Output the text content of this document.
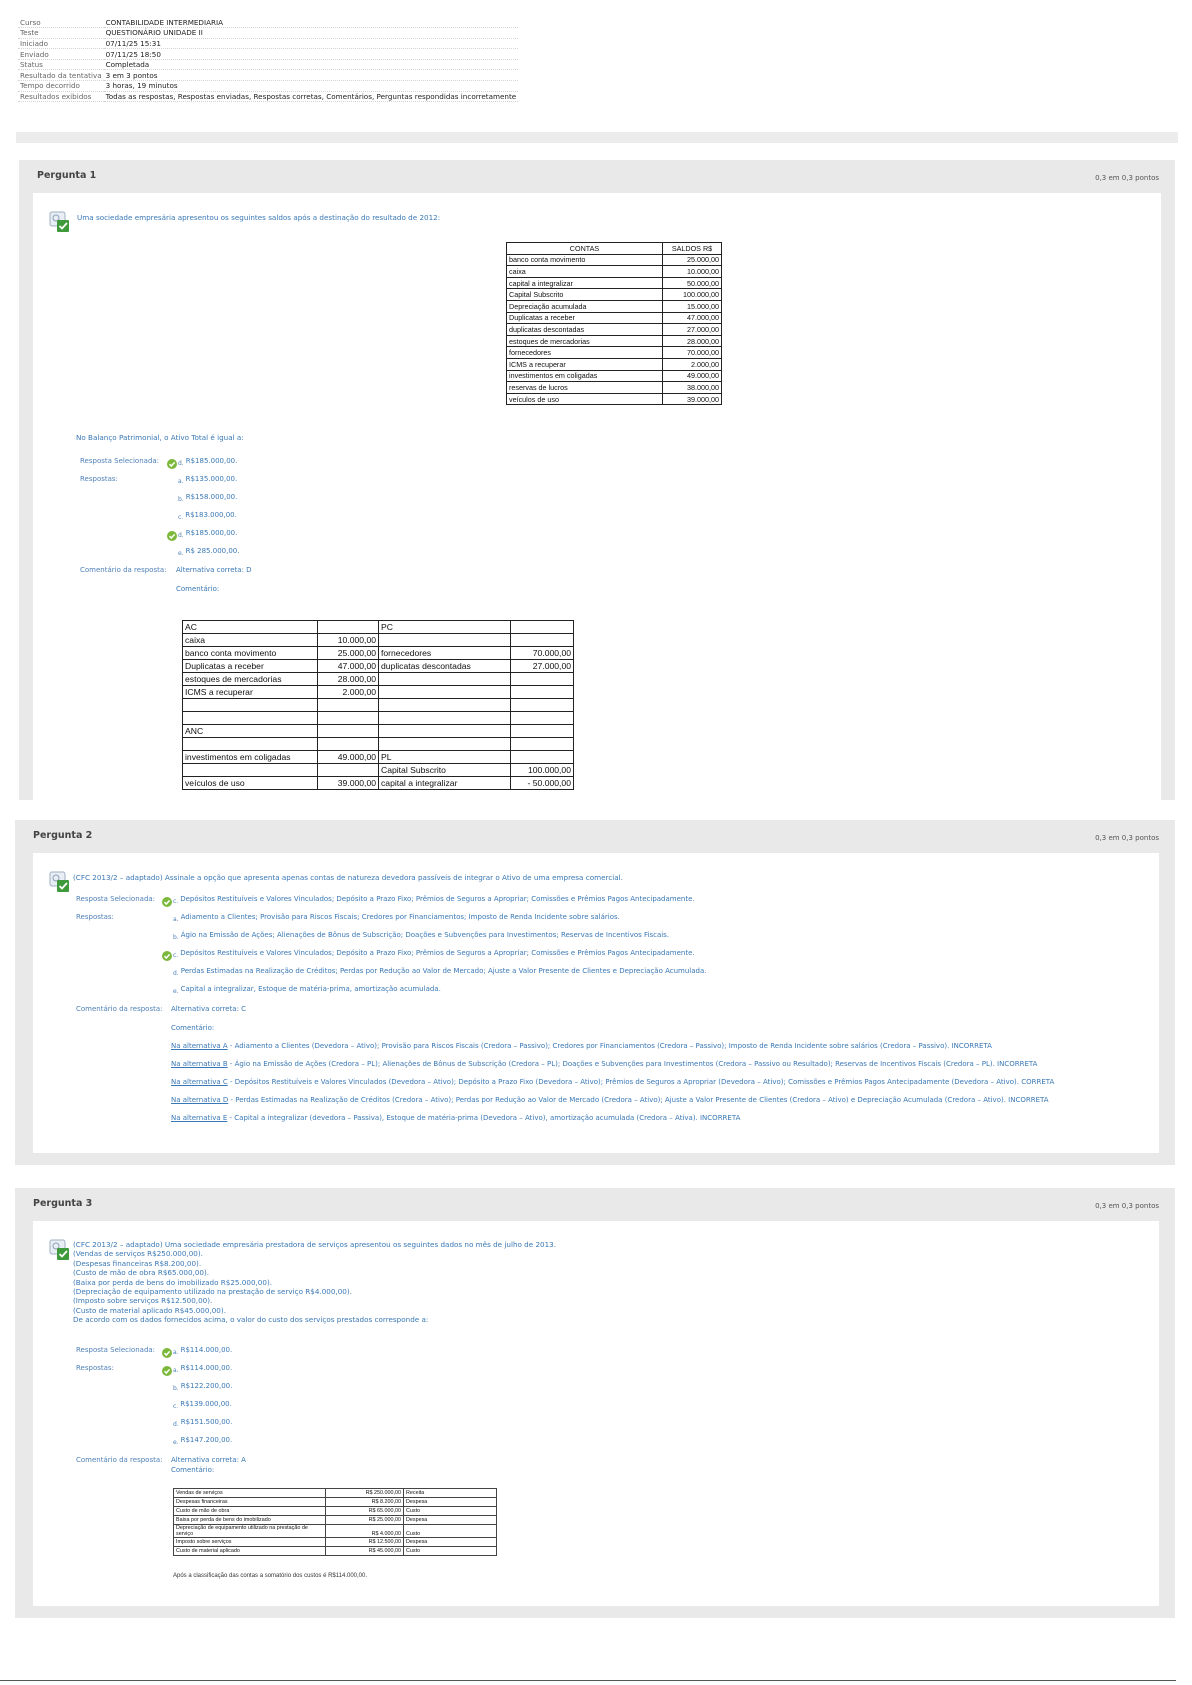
Curso	CONTABILIDADE INTERMEDIARIA
Teste	QUESTIONÁRIO UNIDADE II
Iniciado	07/11/25 15:31
Enviado	07/11/25 18:50
Status	Completada
Resultado da tentativa	3 em 3 pontos
Tempo decorrido	3 horas, 19 minutos
Resultados exibidos	Todas as respostas, Respostas enviadas, Respostas corretas, Comentários, Perguntas respondidas incorretamente
Pergunta 1	0,3 em 0,3 pontos
Uma sociedade empresária apresentou os seguintes saldos após a destinação do resultado de 2012:
CONTAS	SALDOS R$
banco conta movimento	25.000,00
caixa	10.000,00
capital a integralizar	50.000,00
Capital Subscrito	100.000,00
Depreciação acumulada	15.000,00
Duplicatas a receber	47.000,00
duplicatas descontadas	27.000,00
estoques de mercadorias	28.000,00
fornecedores	70.000,00
ICMS a recuperar	2.000,00
investimentos em coligadas	49.000,00
reservas de lucros	38.000,00
veículos de uso	39.000,00
No Balanço Patrimonial, o Ativo Total é igual a:
Resposta Selecionada:	d. R$185.000,00.
Respostas:	a. R$135.000,00.
b. R$158.000,00.
c. R$183.000,00.
d. R$185.000,00.
e. R$ 285.000,00.
Comentário da resposta: Alternativa correta: D
Comentário:
AC		PC	
caixa	10.000,00		
banco conta movimento	25.000,00	fornecedores	70.000,00
Duplicatas a receber	47.000,00	duplicatas descontadas	27.000,00
estoques de mercadorias	28.000,00		
ICMS a recuperar	2.000,00		

ANC			

investimentos em coligadas	49.000,00	PL	
		Capital Subscrito	100.000,00
veículos de uso	39.000,00	capital a integralizar	- 50.000,00
Pergunta 2	0,3 em 0,3 pontos
(CFC 2013/2 – adaptado) Assinale a opção que apresenta apenas contas de natureza devedora passíveis de integrar o Ativo de uma empresa comercial.
Resposta Selecionada:	c. Depósitos Restituíveis e Valores Vinculados; Depósito a Prazo Fixo; Prêmios de Seguros a Apropriar; Comissões e Prêmios Pagos Antecipadamente.
Respostas:	a. Adiamento a Clientes; Provisão para Riscos Fiscais; Credores por Financiamentos; Imposto de Renda Incidente sobre salários.
b. Ágio na Emissão de Ações; Alienações de Bônus de Subscrição; Doações e Subvenções para Investimentos; Reservas de Incentivos Fiscais.
c. Depósitos Restituíveis e Valores Vinculados; Depósito a Prazo Fixo; Prêmios de Seguros a Apropriar; Comissões e Prêmios Pagos Antecipadamente.
d. Perdas Estimadas na Realização de Créditos; Perdas por Redução ao Valor de Mercado; Ajuste a Valor Presente de Clientes e Depreciação Acumulada.
e. Capital a integralizar, Estoque de matéria-prima, amortização acumulada.
Comentário da resposta: Alternativa correta: C
Comentário:
Na alternativa A - Adiamento a Clientes (Devedora – Ativo); Provisão para Riscos Fiscais (Credora – Passivo); Credores por Financiamentos (Credora – Passivo); Imposto de Renda Incidente sobre salários (Credora – Passivo). INCORRETA
Na alternativa B - Ágio na Emissão de Ações (Credora – PL); Alienações de Bônus de Subscrição (Credora – PL); Doações e Subvenções para Investimentos (Credora – Passivo ou Resultado); Reservas de Incentivos Fiscais (Credora – PL). INCORRETA
Na alternativa C - Depósitos Restituíveis e Valores Vinculados (Devedora – Ativo); Depósito a Prazo Fixo (Devedora – Ativo); Prêmios de Seguros a Apropriar (Devedora – Ativo); Comissões e Prêmios Pagos Antecipadamente (Devedora – Ativo). CORRETA
Na alternativa D - Perdas Estimadas na Realização de Créditos (Credora – Ativo); Perdas por Redução ao Valor de Mercado (Credora – Ativo); Ajuste a Valor Presente de Clientes (Credora – Ativo) e Depreciação Acumulada (Credora – Ativo). INCORRETA
Na alternativa E - Capital a integralizar (devedora – Passiva), Estoque de matéria-prima (Devedora – Ativo), amortização acumulada (Credora – Ativa). INCORRETA
Pergunta 3	0,3 em 0,3 pontos
(CFC 2013/2 – adaptado) Uma sociedade empresária prestadora de serviços apresentou os seguintes dados no mês de julho de 2013.
(Vendas de serviços R$250.000,00).
(Despesas financeiras R$8.200,00).
(Custo de mão de obra R$65.000,00).
(Baixa por perda de bens do imobilizado R$25.000,00).
(Depreciação de equipamento utilizado na prestação de serviço R$4.000,00).
(Imposto sobre serviços R$12.500,00).
(Custo de material aplicado R$45.000,00).
De acordo com os dados fornecidos acima, o valor do custo dos serviços prestados corresponde a:
Resposta Selecionada:	a. R$114.000,00.
Respostas:	a. R$114.000,00.
b. R$122.200,00.
c. R$139.000,00.
d. R$151.500,00.
e. R$147.200,00.
Comentário da resposta: Alternativa correta: A
Comentário:
Vendas de serviços	R$ 250.000,00	Receita
Despesas financeiras	R$ 8.200,00	Despesa
Custo de mão de obra	R$ 65.000,00	Custo
Baixa por perda de bens do imobilizado	R$ 25.000,00	Despesa
Depreciação de equipamento utilizado na prestação de serviço	R$ 4.000,00	Custo
Imposto sobre serviços	R$ 12.500,00	Despesa
Custo de material aplicado	R$ 45.000,00	Custo
Após a classificação das contas a somatório dos custos é R$114.000,00.
